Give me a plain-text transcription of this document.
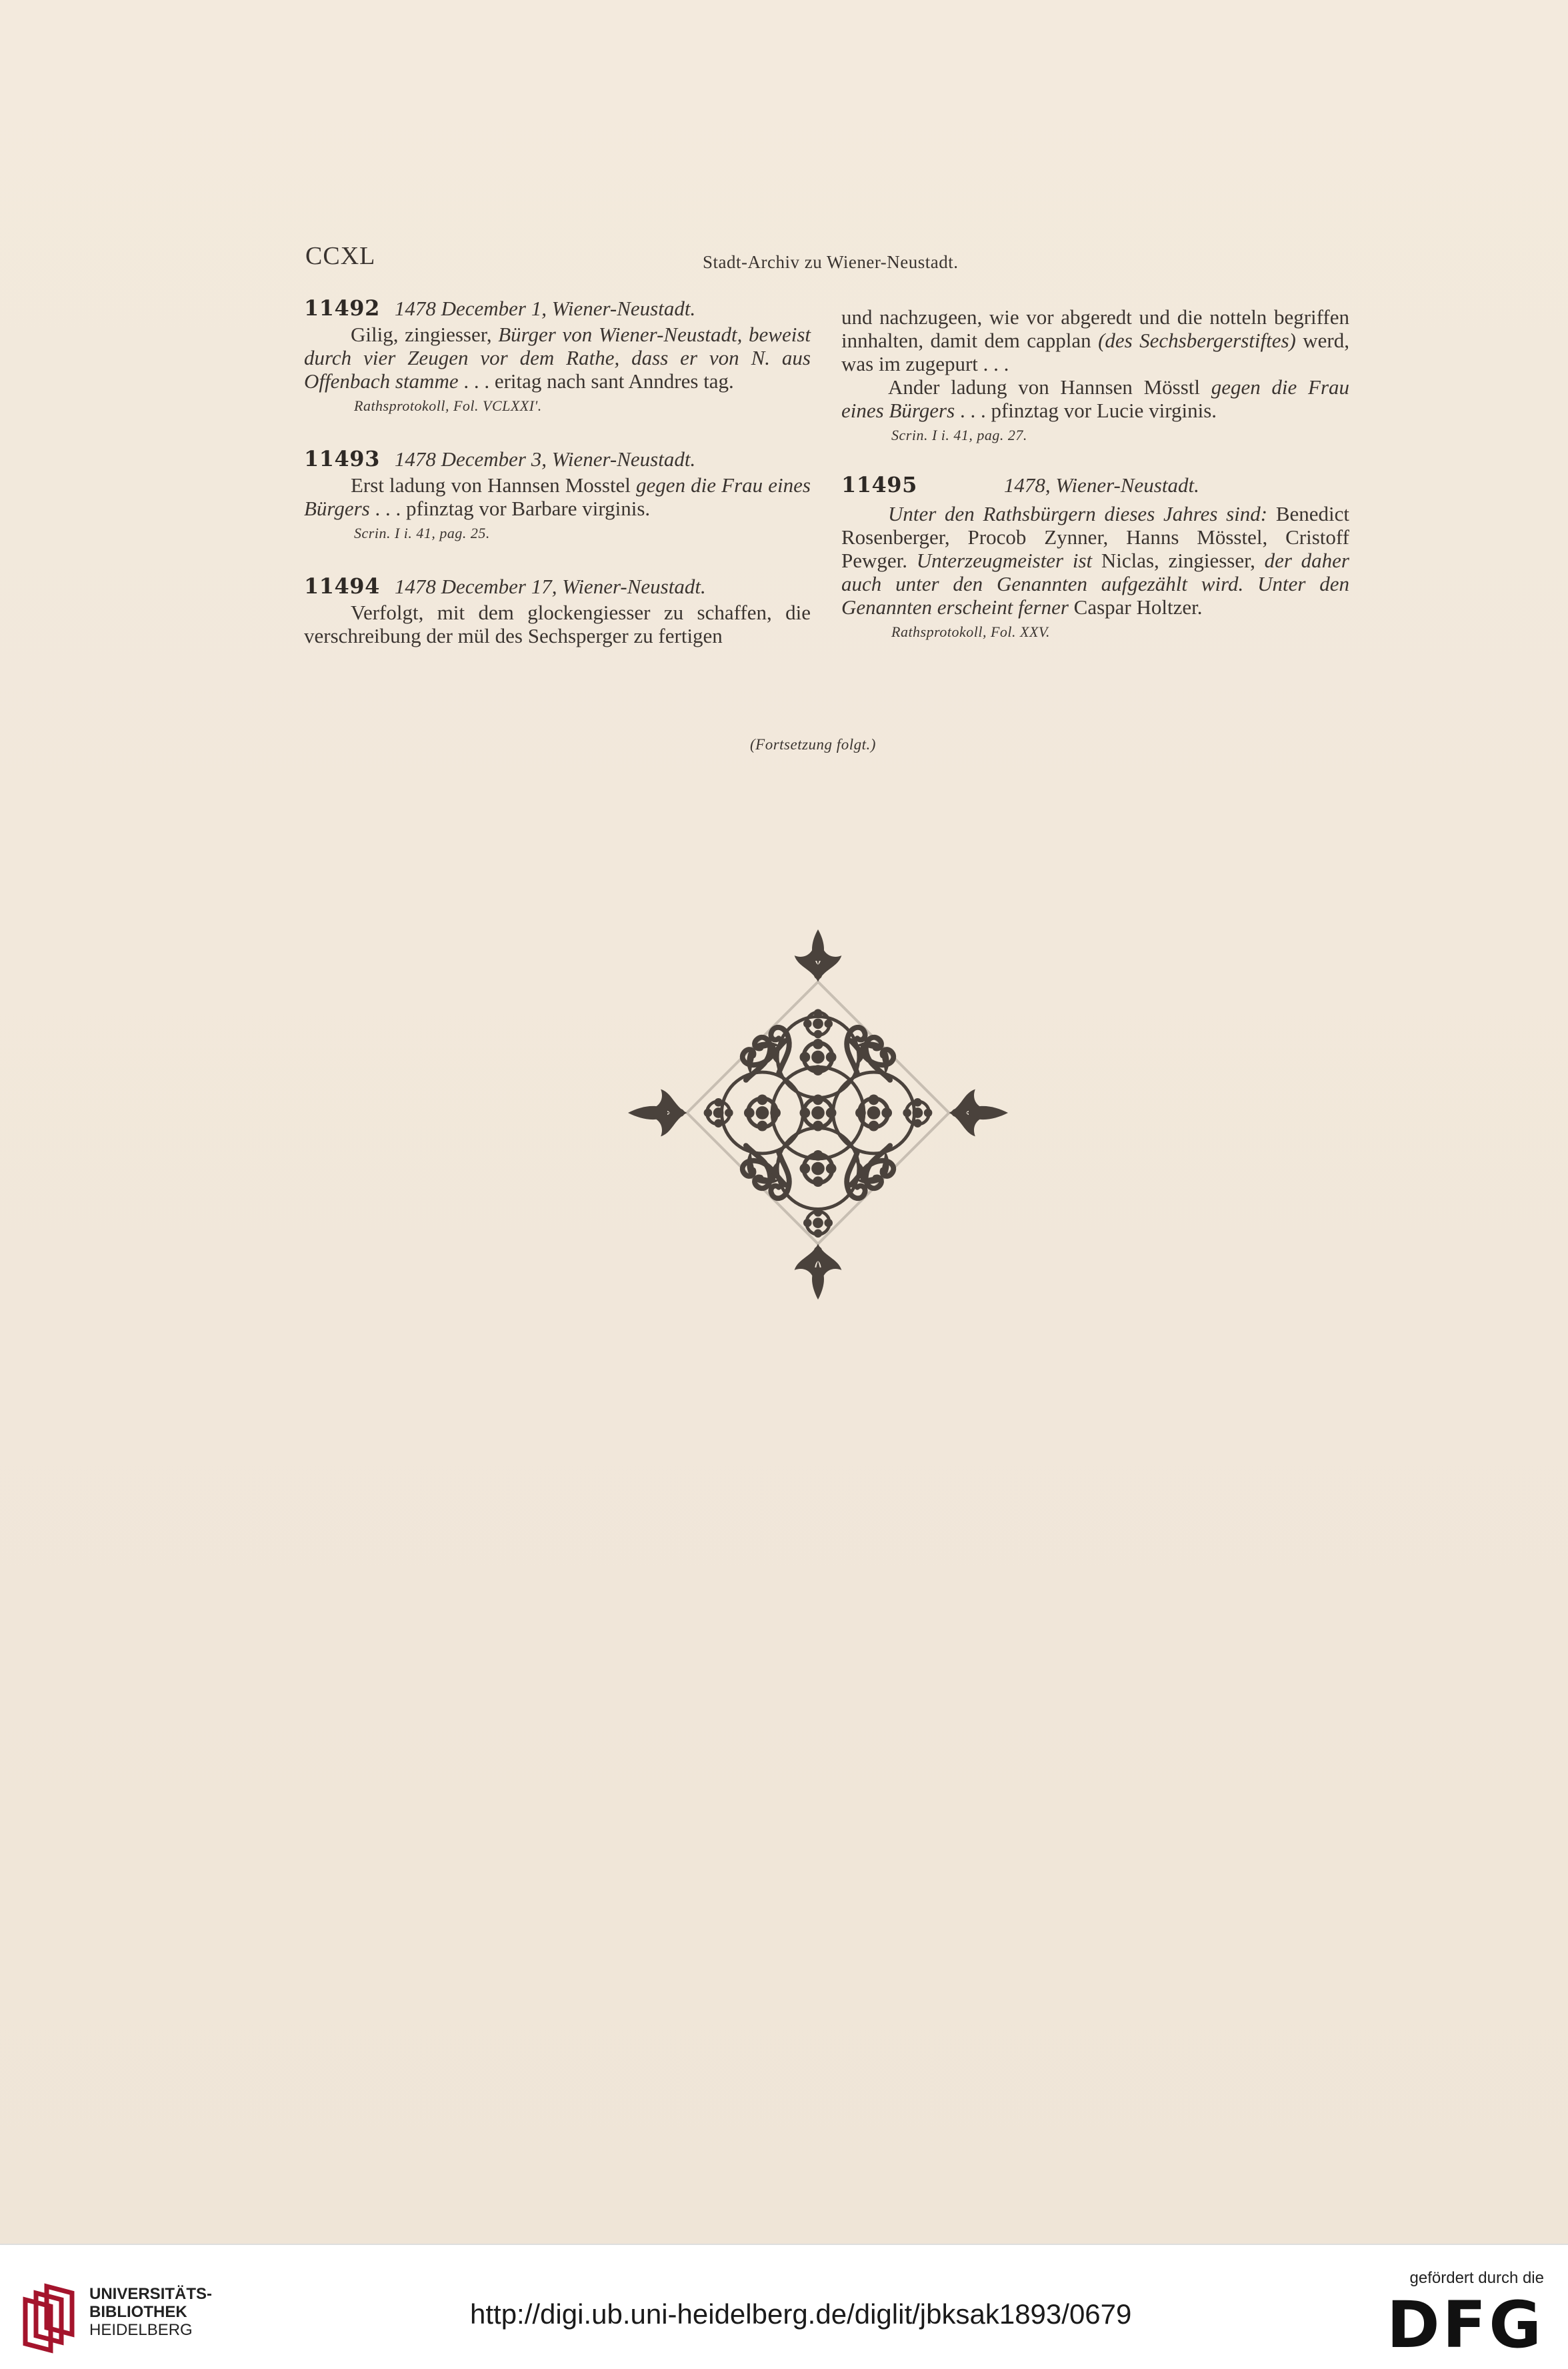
CCXL	Stadt-Archiv zu Wiener-Neustadt.
11492 1478 December 1, Wiener-Neustadt.

Gilig, zingiesser, Bürger von Wiener-Neustadt, beweist durch vier Zeugen vor dem Rathe, dass er von N. aus Offenbach stamme . . . eritag nach sant Anndres tag.

Rathsprotokoll, Fol. VCLXXI'.
11493 1478 December 3, Wiener-Neustadt.

Erst ladung von Hannsen Mosstel gegen die Frau eines Bürgers . . . pfinztag vor Barbare virginis.

Scrin. I i. 41, pag. 25.
11494 1478 December 17, Wiener-Neustadt.

Verfolgt, mit dem glockengiesser zu schaffen, die verschreibung der mül des Sechsperger zu fertigen

und nachzugeen, wie vor abgeredt und die notteln begriffen innhalten, damit dem capplan (des Sechsbergerstiftes) werd, was im zugepurt . . .

Ander ladung von Hannsen Mösstl gegen die Frau eines Bürgers . . . pfinztag vor Lucie virginis.

Scrin. I i. 41, pag. 27.
11495	1478, Wiener-Neustadt.

Unter den Rathsbürgern dieses Jahres sind: Benedict Rosenberger, Procob Zynner, Hanns Mösstel, Cristoff Pewger. Unterzeugmeister ist Niclas, zingiesser, der daher auch unter den Genannten aufgezählt wird. Unter den Genannten erscheint ferner Caspar Holtzer.

Rathsprotokoll, Fol. XXV.
(Fortsetzung folgt.)
UNIVERSITÄTS-
BIBLIOTHEK
HEIDELBERG
http://digi.ub.uni-heidelberg.de/diglit/jbksak1893/0679
gefördert durch die
DFG
